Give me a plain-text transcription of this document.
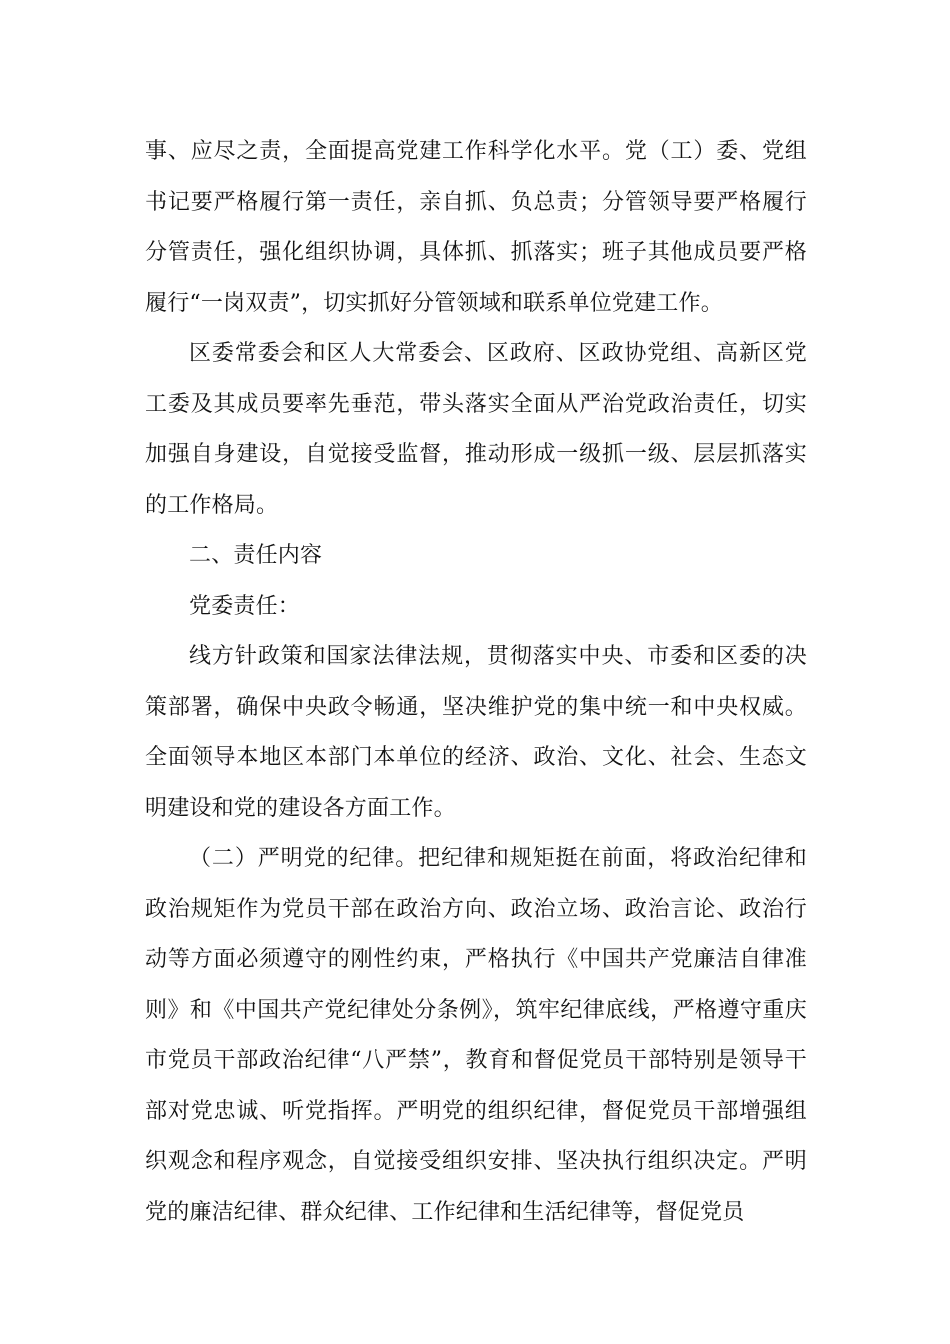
事、应尽之责，全面提高党建工作科学化水平。党（工）委、党组书记要严格履行第一责任，亲自抓、负总责；分管领导要严格履行分管责任，强化组织协调，具体抓、抓落实；班子其他成员要严格履行“一岗双责”，切实抓好分管领域和联系单位党建工作。

区委常委会和区人大常委会、区政府、区政协党组、高新区党工委及其成员要率先垂范，带头落实全面从严治党政治责任，切实加强自身建设，自觉接受监督，推动形成一级抓一级、层层抓落实的工作格局。

二、责任内容

党委责任：

线方针政策和国家法律法规，贯彻落实中央、市委和区委的决策部署，确保中央政令畅通，坚决维护党的集中统一和中央权威。全面领导本地区本部门本单位的经济、政治、文化、社会、生态文明建设和党的建设各方面工作。

（二）严明党的纪律。把纪律和规矩挺在前面，将政治纪律和政治规矩作为党员干部在政治方向、政治立场、政治言论、政治行动等方面必须遵守的刚性约束，严格执行《中国共产党廉洁自律准则》和《中国共产党纪律处分条例》，筑牢纪律底线，严格遵守重庆市党员干部政治纪律“八严禁”，教育和督促党员干部特别是领导干部对党忠诚、听党指挥。严明党的组织纪律，督促党员干部增强组织观念和程序观念，自觉接受组织安排、坚决执行组织决定。严明党的廉洁纪律、群众纪律、工作纪律和生活纪律等，督促党员
